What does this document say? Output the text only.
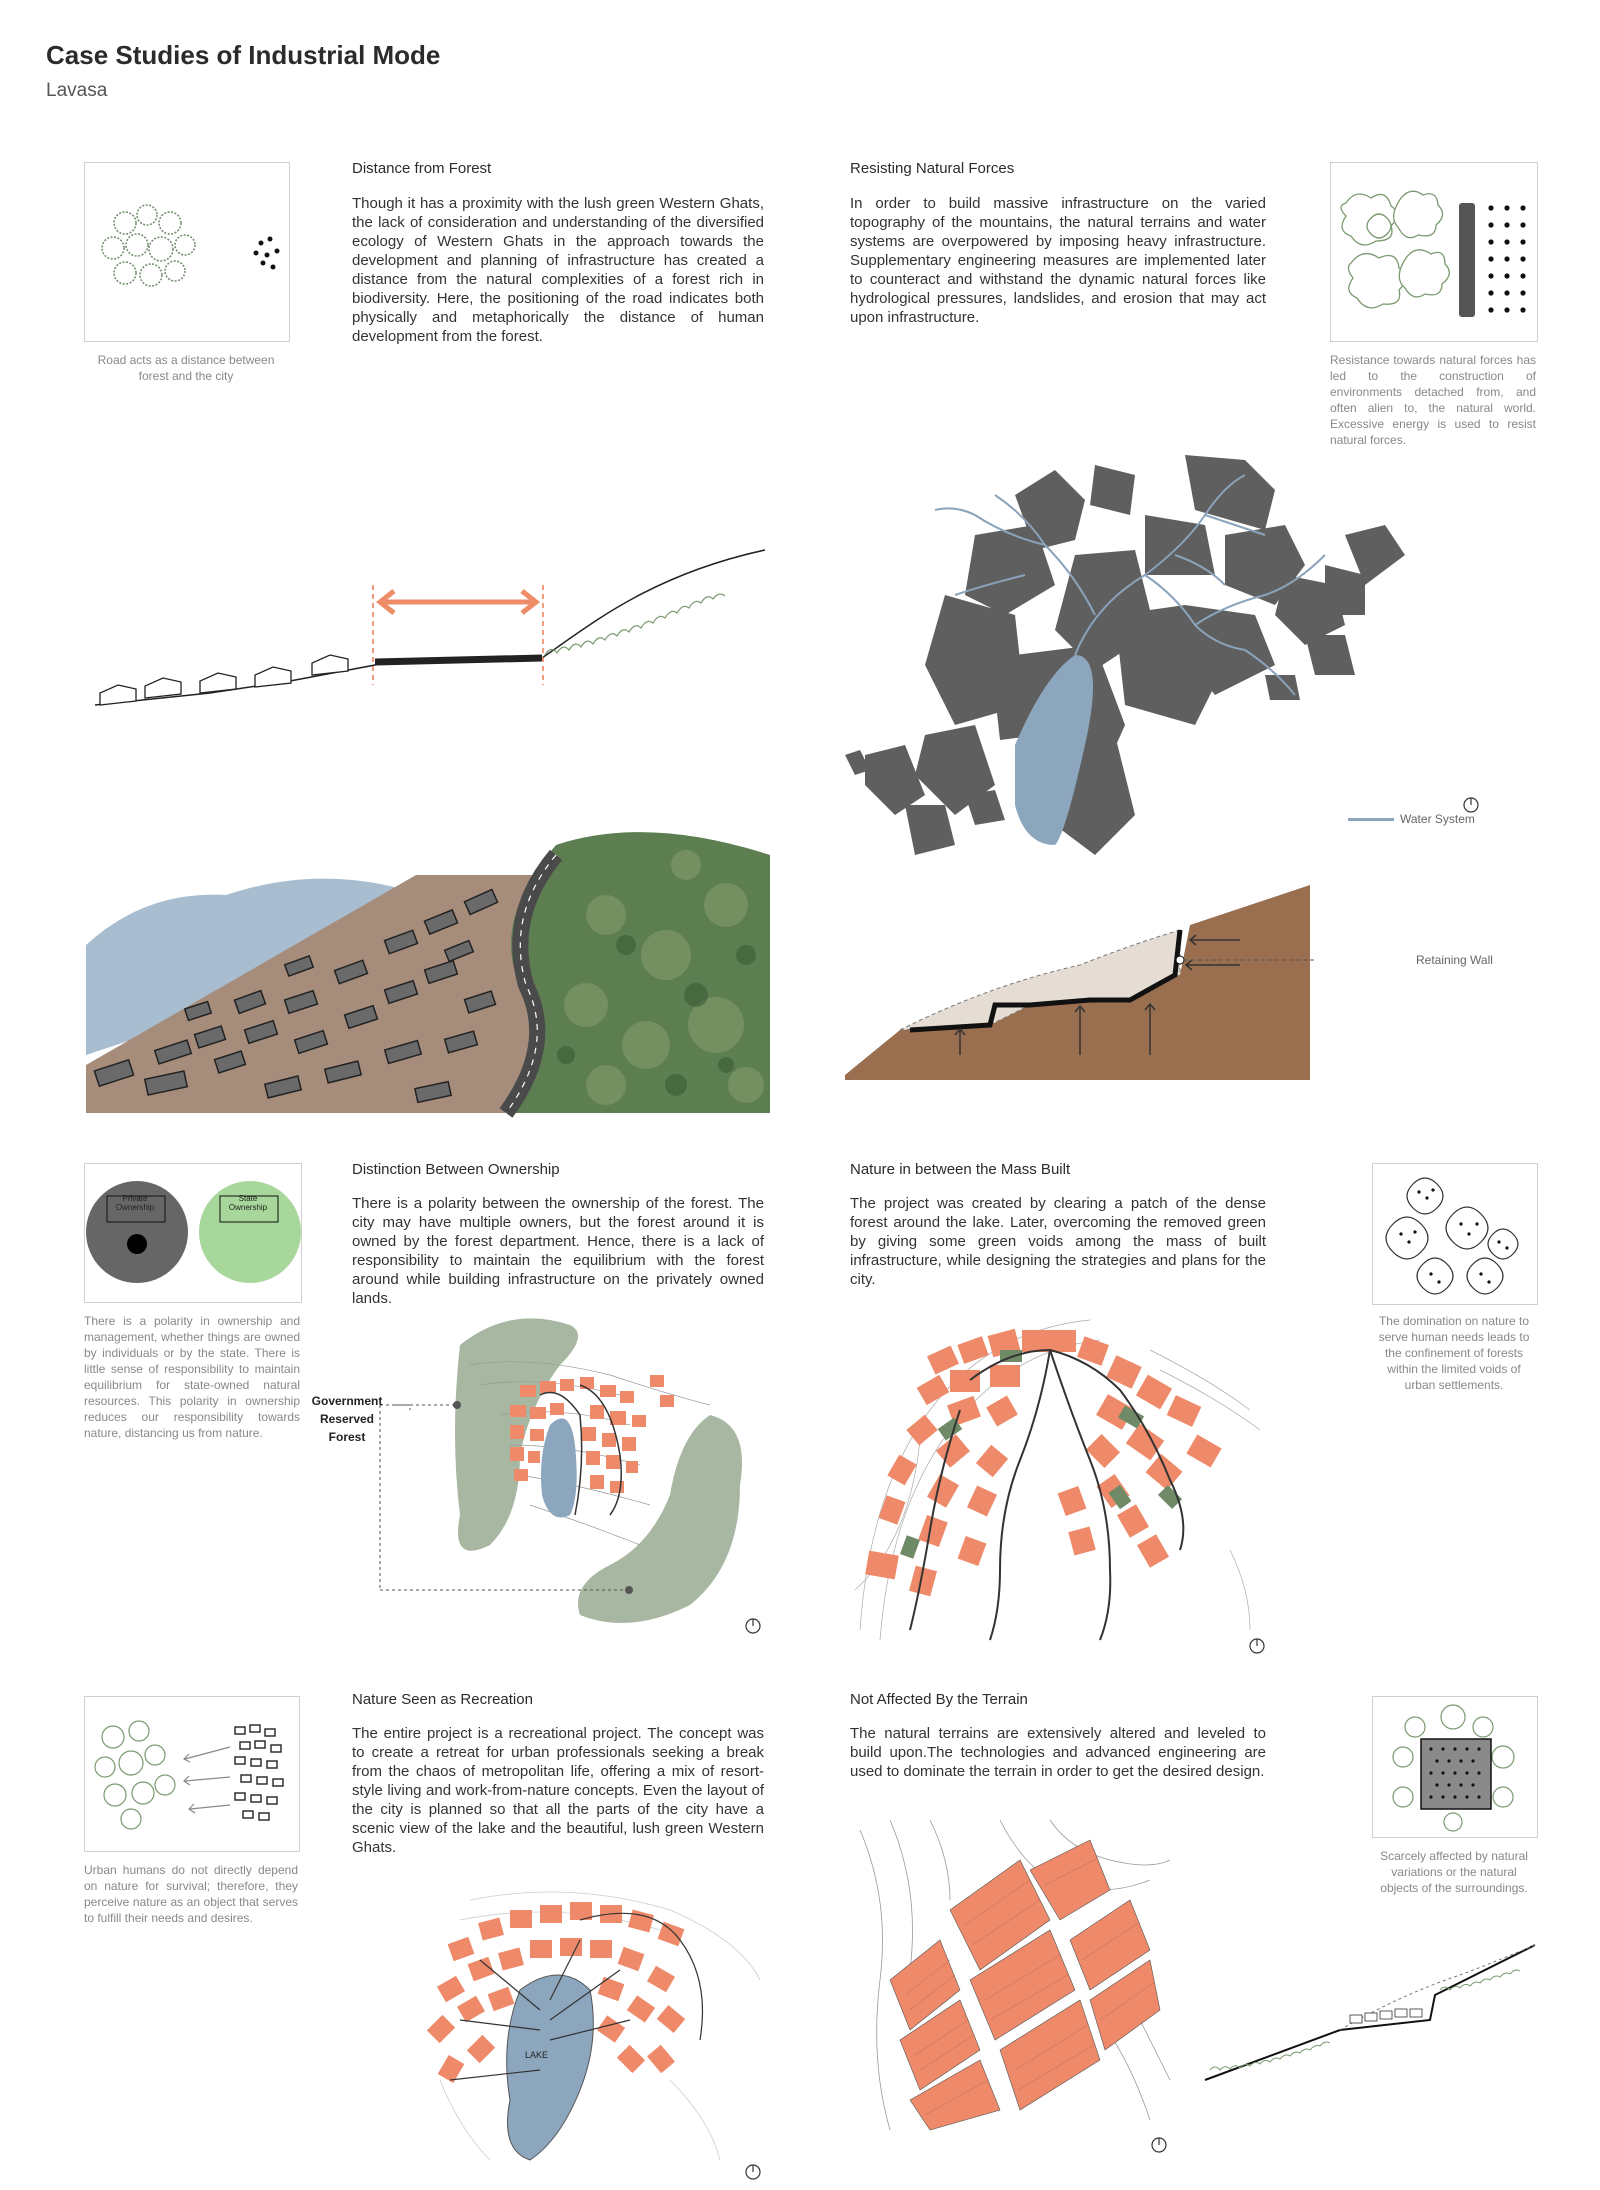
Case Studies of Industrial Mode
Lavasa
Road acts as a distance between forest and the city
Distance from Forest
Though it has a proximity with the lush green Western Ghats, the lack of consideration and understanding of the diversified ecology of Western Ghats in the approach towards the development and planning of infrastructure has created a distance from the natural complexities of a forest rich in biodiversity. Here, the positioning of the road indicates both physically and metaphorically the distance of human development from the forest.
Resisting Natural Forces
In order to build massive infrastructure on the varied topography of the mountains, the natural terrains and water systems are overpowered by imposing heavy infrastructure. Supplementary engineering measures are implemented later to counteract and withstand the dynamic natural forces like hydrological pressures, landslides, and erosion that may act upon infrastructure.
Resistance towards natural forces has led to the construction of environments detached from, and often alien to, the natural world. Excessive energy is used to resist natural forces.
Water System
Retaining Wall
Private
Ownership
State
Ownership
There is a polarity in ownership and management, whether things are owned by individuals or by the state. There is little sense of responsibility to maintain equilibrium for state-owned natural resources. This polarity in ownership reduces our responsibility towards nature, distancing us from nature.
Distinction Between Ownership
There is a polarity between the ownership of the forest. The city may have multiple owners, but the forest around it is owned by the forest department. Hence, there is a lack of responsibility to maintain the equilibrium with the forest around while building infrastructure on the privately owned lands.
Government
Reserved
Forest
Nature in between the Mass Built
The project was created by clearing a patch of the dense forest around the lake. Later, overcoming the removed green by giving some green voids among the mass of built infrastructure, while designing the strategies and plans for the city.
The domination on nature to serve human needs leads to the confinement of forests within the limited voids of urban settlements.
Urban humans do not directly depend on nature for survival; therefore, they perceive nature as an object that serves to fulfill their needs and desires.
Nature Seen as Recreation
The entire project is a recreational project. The concept was to create a retreat for urban professionals seeking a break from the chaos of metropolitan life, offering a mix of resort-style living and work-from-nature concepts. Even the layout of the city is planned so that all the parts of the city have a scenic view of the lake and the beautiful, lush green Western Ghats.
LAKE
Not Affected By the Terrain
The natural terrains are extensively altered and leveled to build upon.The technologies and advanced engineering are used to dominate the terrain in order to get the desired design.
Scarcely affected by natural variations or the natural objects of the surroundings.
